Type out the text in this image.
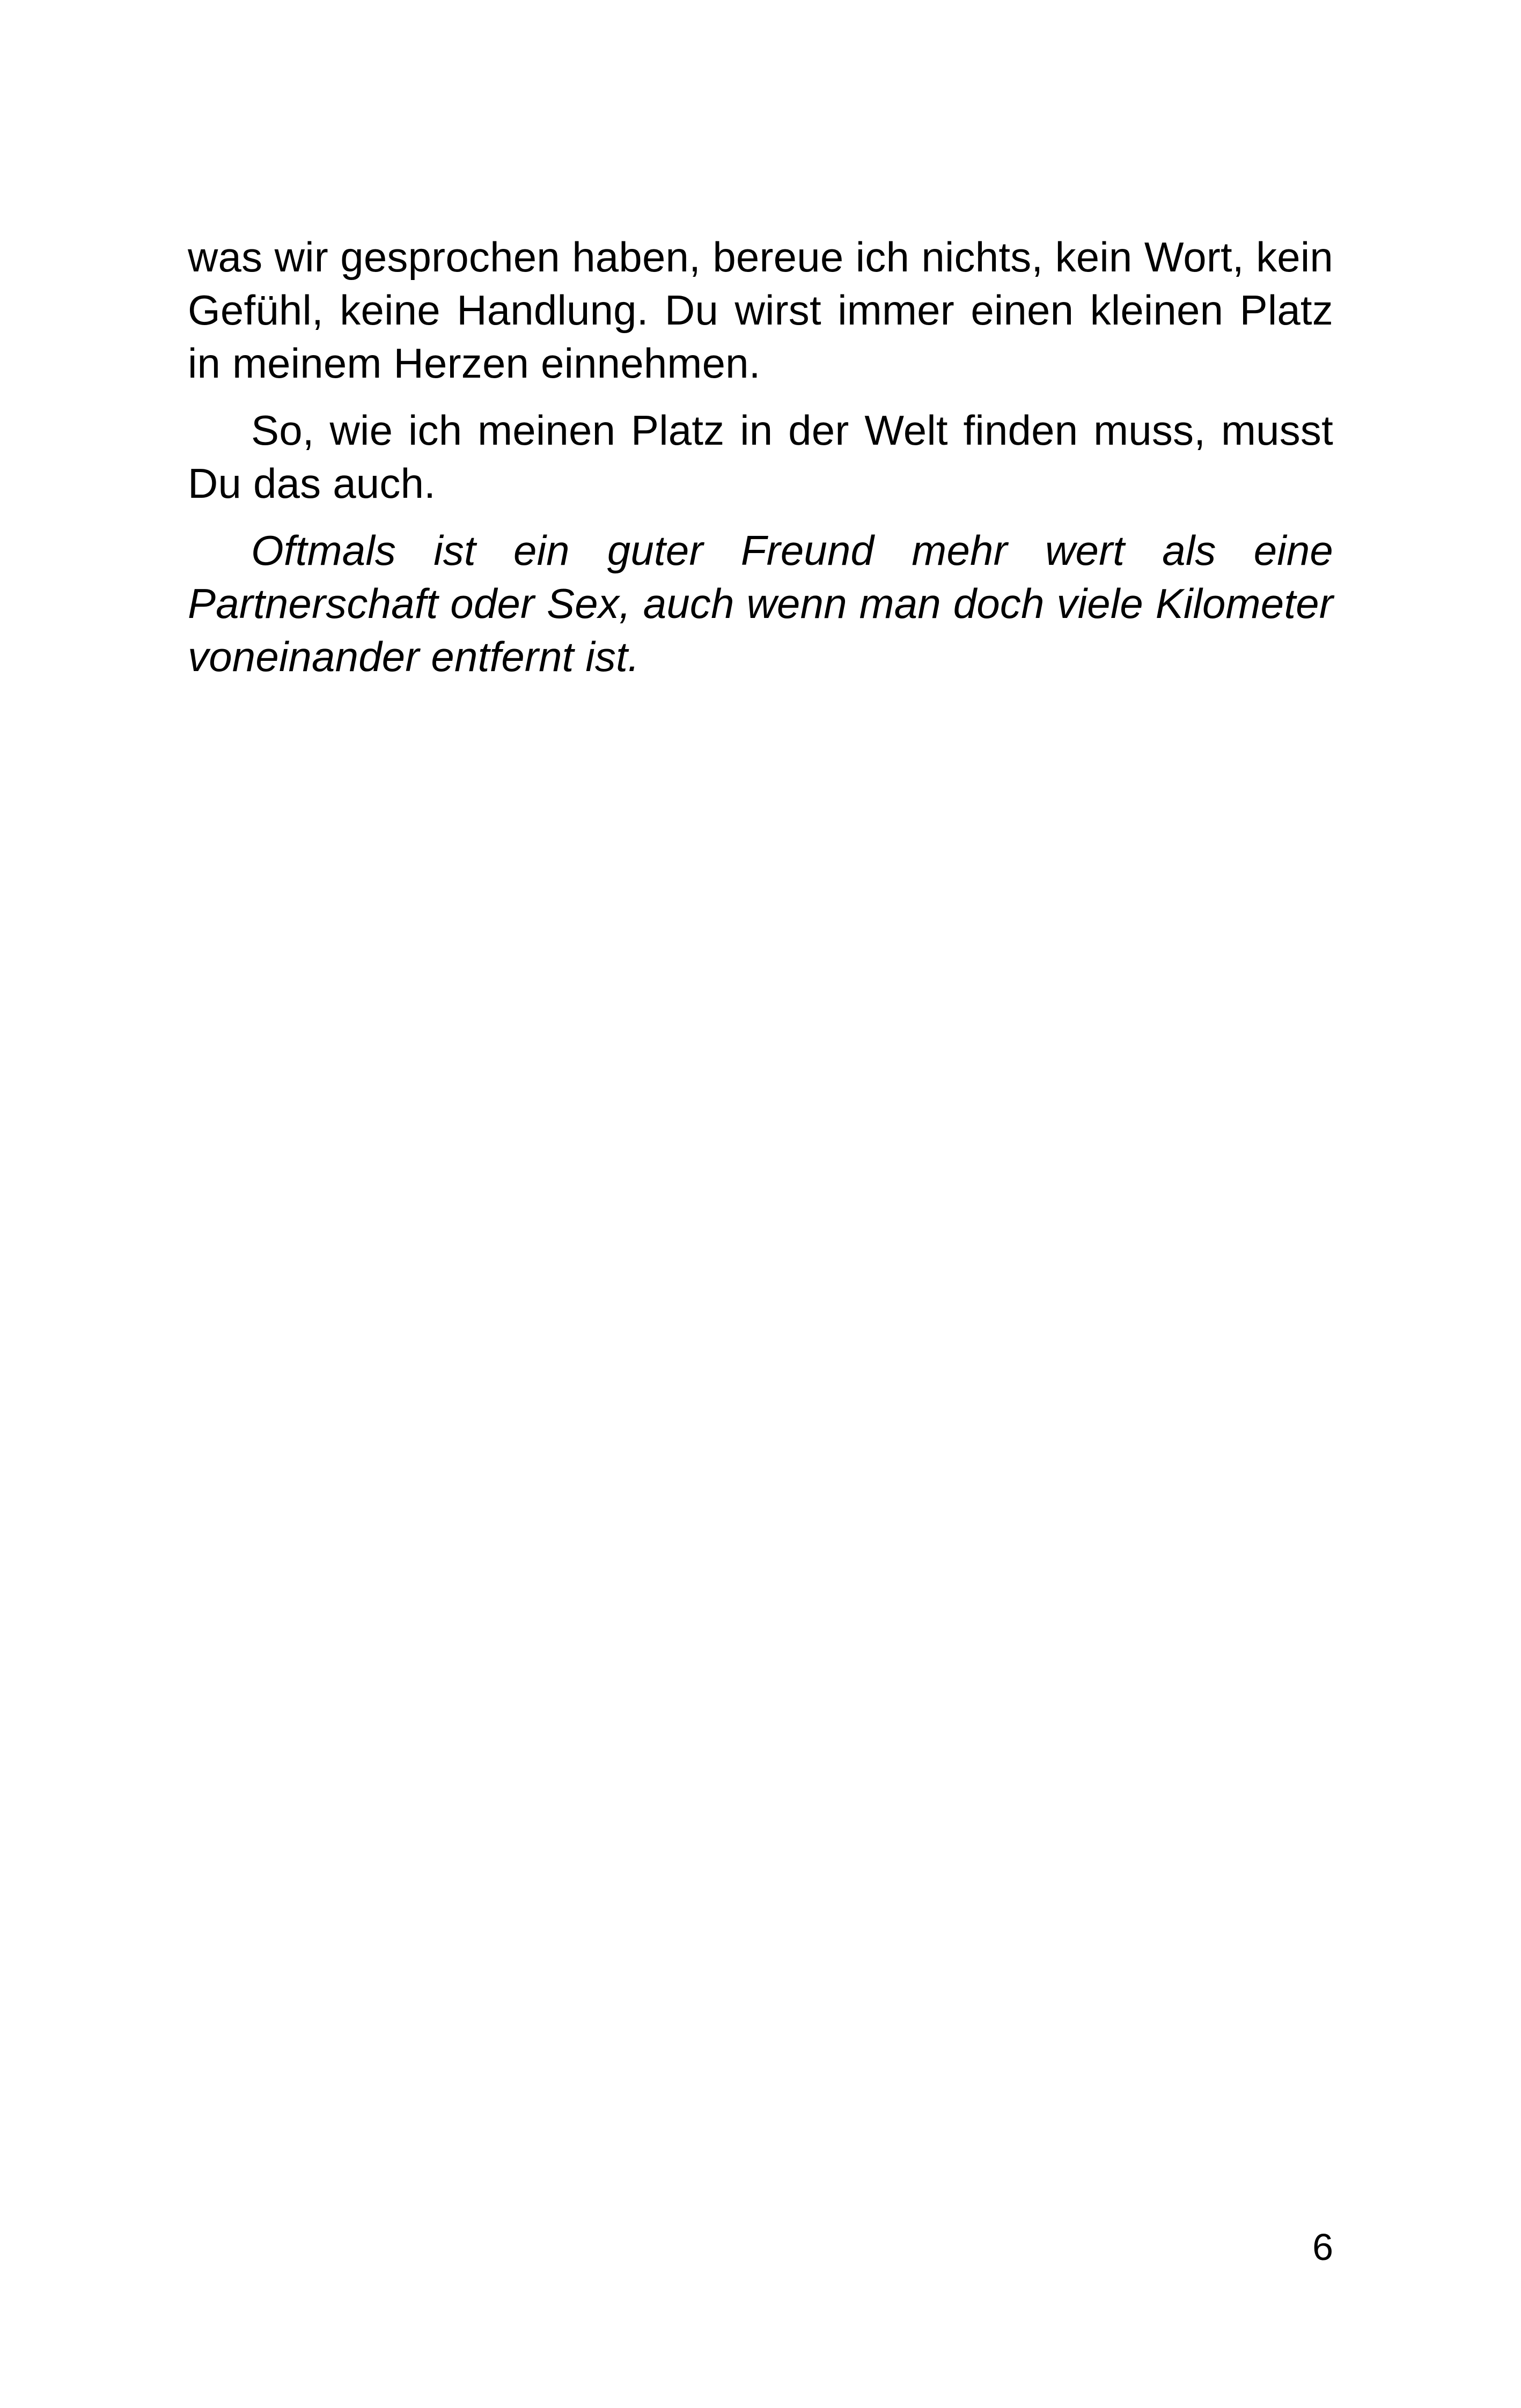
was wir gesprochen haben, bereue ich nichts, kein Wort, kein Gefühl, keine Handlung. Du wirst immer einen kleinen Platz in meinem Herzen einnehmen.

So, wie ich meinen Platz in der Welt finden muss, musst Du das auch.

Oftmals ist ein guter Freund mehr wert als eine Partnerschaft oder Sex, auch wenn man doch viele Kilometer voneinander entfernt ist.

6
